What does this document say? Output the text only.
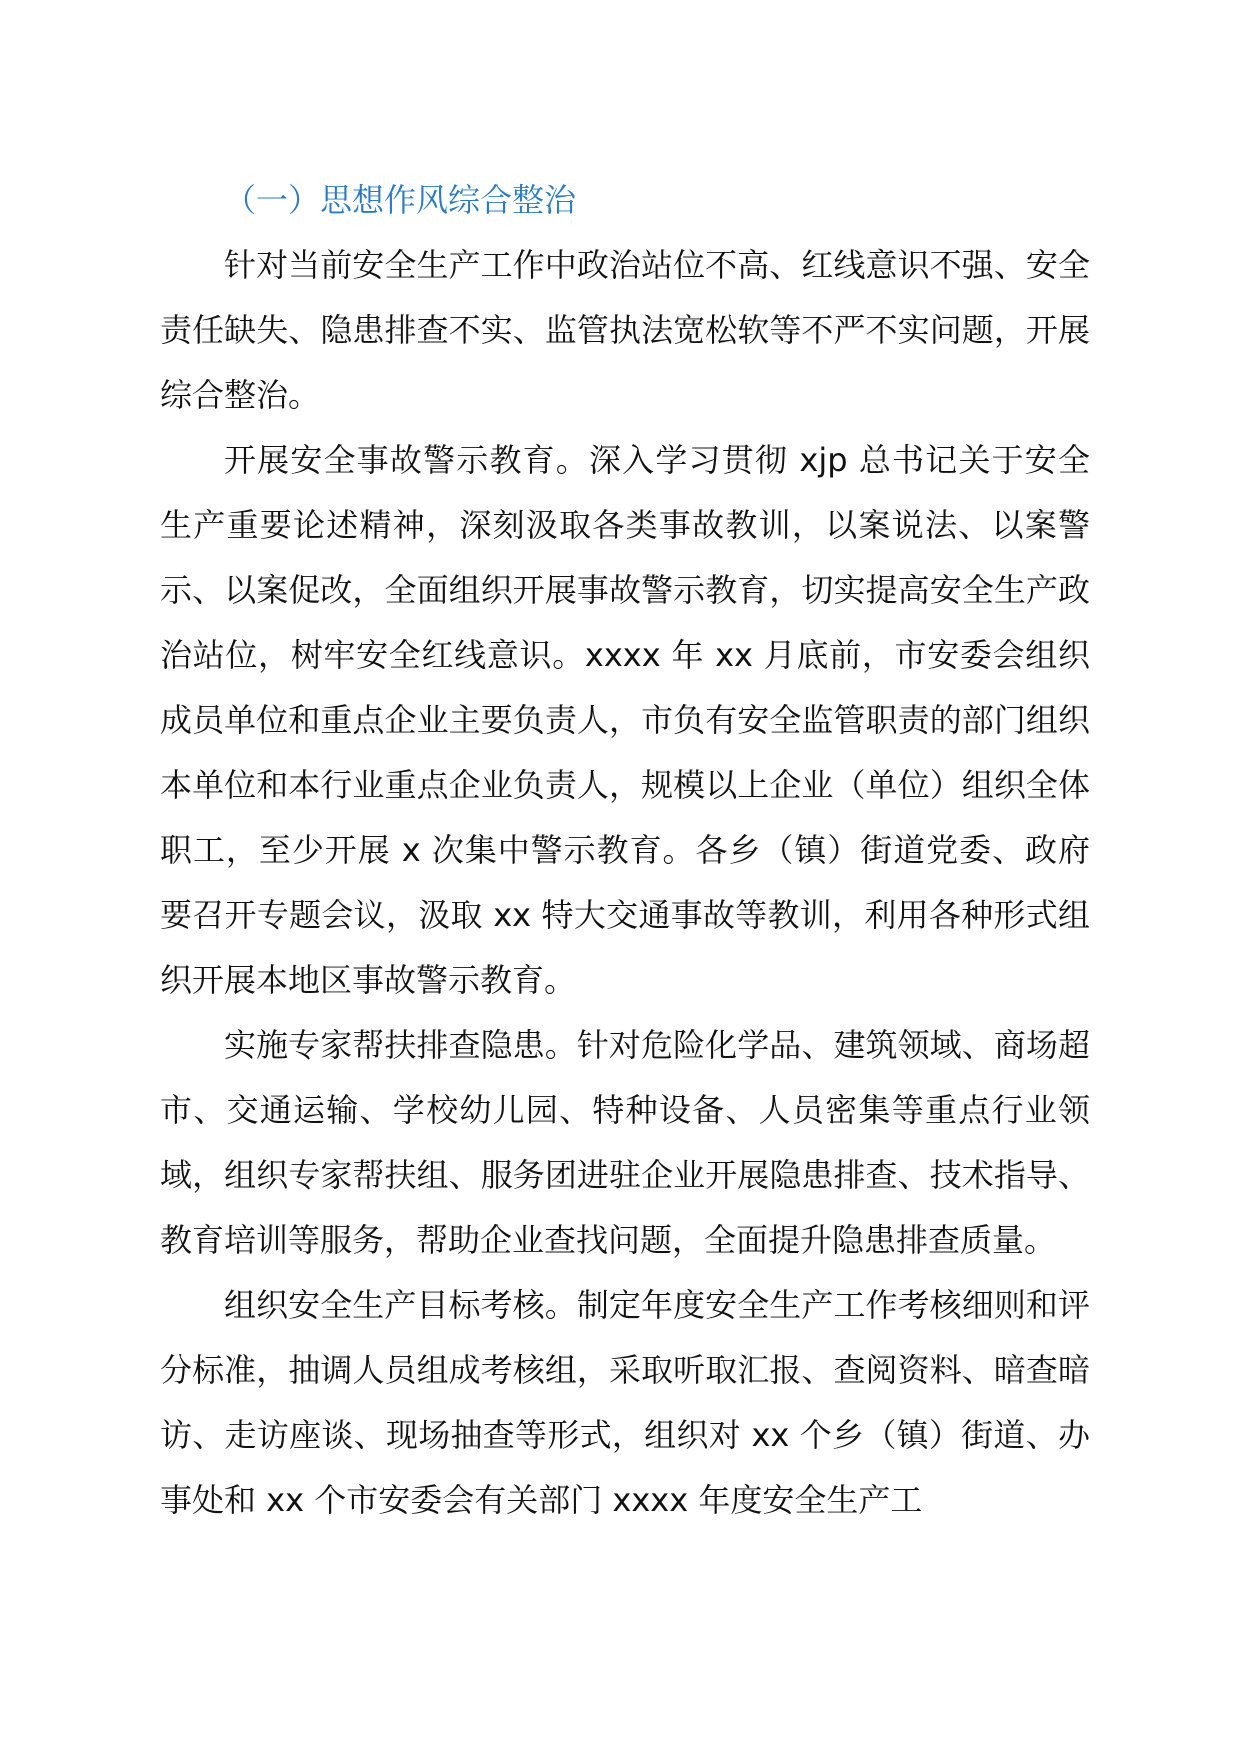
（一）思想作风综合整治

针对当前安全生产工作中政治站位不高、红线意识不强、安全责任缺失、隐患排查不实、监管执法宽松软等不严不实问题，开展综合整治。

开展安全事故警示教育。深入学习贯彻 xjp 总书记关于安全生产重要论述精神，深刻汲取各类事故教训，以案说法、以案警示、以案促改，全面组织开展事故警示教育，切实提高安全生产政治站位，树牢安全红线意识。xxxx 年 xx 月底前，市安委会组织成员单位和重点企业主要负责人，市负有安全监管职责的部门组织本单位和本行业重点企业负责人，规模以上企业（单位）组织全体职工，至少开展 x 次集中警示教育。各乡（镇）街道党委、政府要召开专题会议，汲取 xx 特大交通事故等教训，利用各种形式组织开展本地区事故警示教育。

实施专家帮扶排查隐患。针对危险化学品、建筑领域、商场超市、交通运输、学校幼儿园、特种设备、人员密集等重点行业领域，组织专家帮扶组、服务团进驻企业开展隐患排查、技术指导、教育培训等服务，帮助企业查找问题，全面提升隐患排查质量。

组织安全生产目标考核。制定年度安全生产工作考核细则和评分标准，抽调人员组成考核组，采取听取汇报、查阅资料、暗查暗访、走访座谈、现场抽查等形式，组织对 xx 个乡（镇）街道、办事处和 xx 个市安委会有关部门 xxxx 年度安全生产工
